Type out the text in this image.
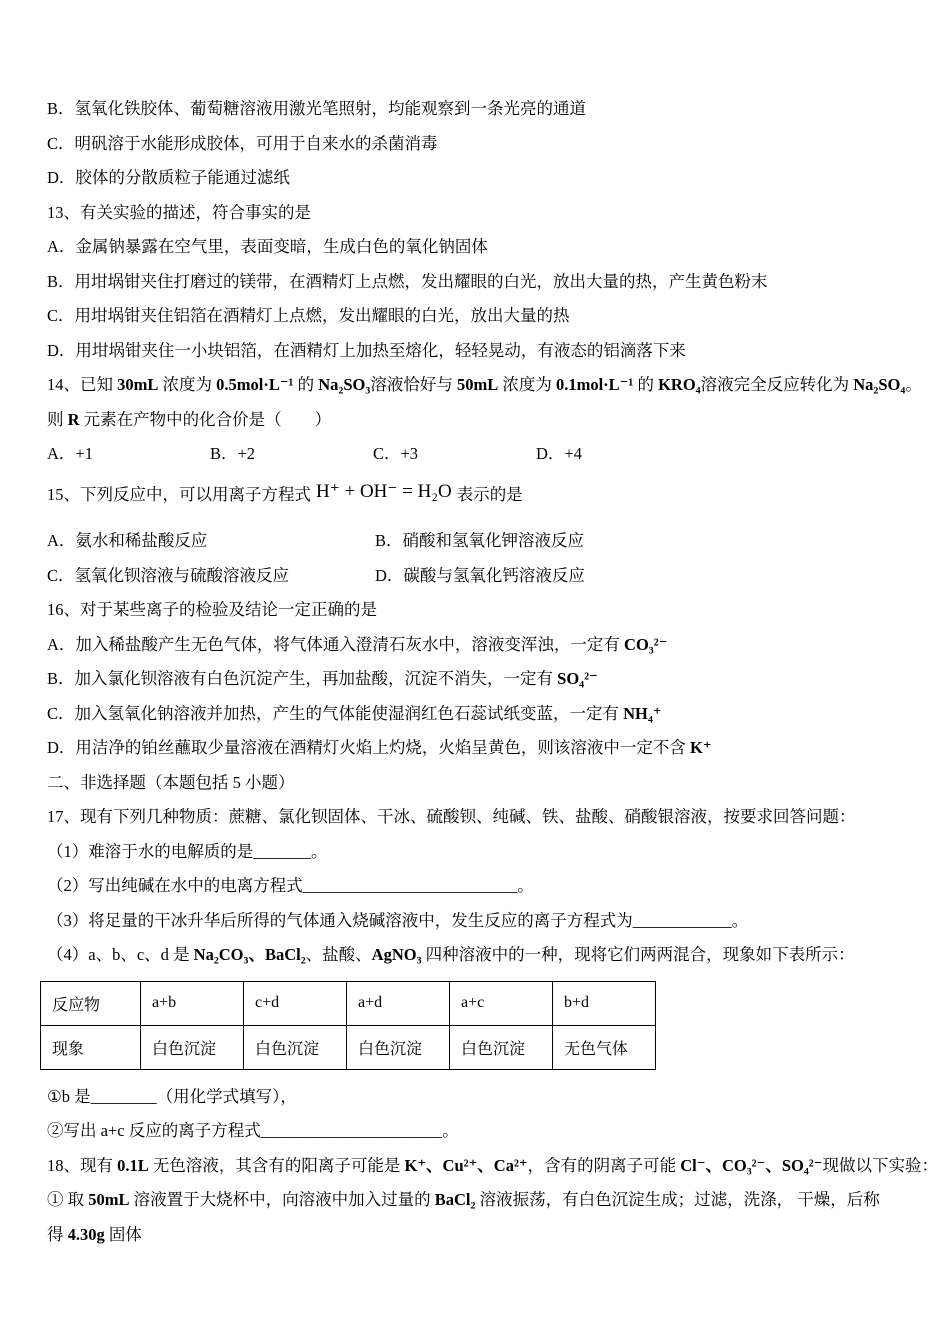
B．氢氧化铁胶体、葡萄糖溶液用激光笔照射，均能观察到一条光亮的通道
C．明矾溶于水能形成胶体，可用于自来水的杀菌消毒
D．胶体的分散质粒子能通过滤纸
13、有关实验的描述，符合事实的是
A．金属钠暴露在空气里，表面变暗，生成白色的氧化钠固体
B．用坩埚钳夹住打磨过的镁带，在酒精灯上点燃，发出耀眼的白光，放出大量的热，产生黄色粉末
C．用坩埚钳夹住铝箔在酒精灯上点燃，发出耀眼的白光，放出大量的热
D．用坩埚钳夹住一小块铝箔，在酒精灯上加热至熔化，轻轻晃动，有液态的铝滴落下来
14、已知 30mL 浓度为 0.5mol·L⁻¹ 的 Na₂SO₃溶液恰好与 50mL 浓度为 0.1mol·L⁻¹ 的 KRO₄溶液完全反应转化为 Na₂SO₄。
则 R 元素在产物中的化合价是（　　）
A．+1	B．+2	C．+3	D．+4
15、下列反应中，可以用离子方程式 H⁺ + OH⁻ = H₂O 表示的是
A．氨水和稀盐酸反应	B．硝酸和氢氧化钾溶液反应
C．氢氧化钡溶液与硫酸溶液反应	D．碳酸与氢氧化钙溶液反应
16、对于某些离子的检验及结论一定正确的是
A．加入稀盐酸产生无色气体，将气体通入澄清石灰水中，溶液变浑浊，一定有 CO₃²⁻
B．加入氯化钡溶液有白色沉淀产生，再加盐酸，沉淀不消失，一定有 SO₄²⁻
C．加入氢氧化钠溶液并加热，产生的气体能使湿润红色石蕊试纸变蓝，一定有 NH₄⁺
D．用洁净的铂丝蘸取少量溶液在酒精灯火焰上灼烧，火焰呈黄色，则该溶液中一定不含 K⁺
二、非选择题（本题包括 5 小题）
17、现有下列几种物质：蔗糖、氯化钡固体、干冰、硫酸钡、纯碱、铁、盐酸、硝酸银溶液，按要求回答问题：
（1）难溶于水的电解质的是_______。
（2）写出纯碱在水中的电离方程式__________________________。
（3）将足量的干冰升华后所得的气体通入烧碱溶液中，发生反应的离子方程式为____________。
（4）a、b、c、d 是 Na₂CO₃、BaCl₂、盐酸、AgNO₃ 四种溶液中的一种，现将它们两两混合，现象如下表所示：
反应物	a+b	c+d	a+d	a+c	b+d
现象	白色沉淀	白色沉淀	白色沉淀	白色沉淀	无色气体
①b 是________（用化学式填写），
②写出 a+c 反应的离子方程式______________________。
18、现有 0.1L 无色溶液，其含有的阳离子可能是 K⁺、Cu²⁺、Ca²⁺，含有的阴离子可能 Cl⁻、CO₃²⁻、SO₄²⁻现做以下实验：
① 取 50mL 溶液置于大烧杯中，向溶液中加入过量的 BaCl₂ 溶液振荡，有白色沉淀生成；过滤，洗涤， 干燥，后称
得 4.30g 固体
